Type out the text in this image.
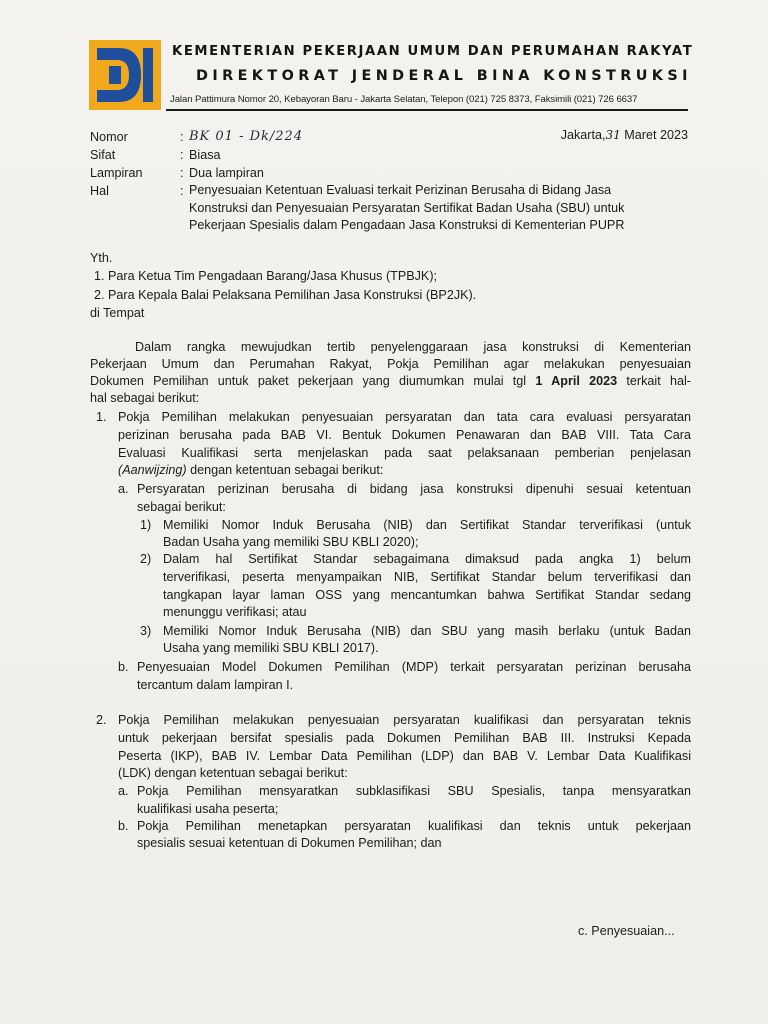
KEMENTERIAN PEKERJAAN UMUM DAN PERUMAHAN RAKYAT
DIREKTORAT JENDERAL BINA KONSTRUKSI
Jalan Pattimura Nomor 20, Kebayoran Baru - Jakarta Selatan, Telepon (021) 725 8373, Faksimili (021) 726 6637
Nomor	: BK 01 - Dk/224
Sifat	: Biasa
Lampiran	: Dua lampiran
Hal	: Penyesuaian Ketentuan Evaluasi terkait Perizinan Berusaha di Bidang Jasa
Konstruksi dan Penyesuaian Persyaratan Sertifikat Badan Usaha (SBU) untuk
Pekerjaan Spesialis dalam Pengadaan Jasa Konstruksi di Kementerian PUPR
Jakarta,31 Maret 2023
Yth.
1. Para Ketua Tim Pengadaan Barang/Jasa Khusus (TPBJK);
2. Para Kepala Balai Pelaksana Pemilihan Jasa Konstruksi (BP2JK).
di Tempat
Dalam rangka mewujudkan tertib penyelenggaraan jasa konstruksi di Kementerian
Pekerjaan Umum dan Perumahan Rakyat, Pokja Pemilihan agar melakukan penyesuaian
Dokumen Pemilihan untuk paket pekerjaan yang diumumkan mulai tgl 1 April 2023 terkait hal-
hal sebagai berikut:
1. Pokja Pemilihan melakukan penyesuaian persyaratan dan tata cara evaluasi persyaratan
perizinan berusaha pada BAB VI. Bentuk Dokumen Penawaran dan BAB VIII. Tata Cara
Evaluasi Kualifikasi serta menjelaskan pada saat pelaksanaan pemberian penjelasan
(Aanwijzing) dengan ketentuan sebagai berikut:
a. Persyaratan perizinan berusaha di bidang jasa konstruksi dipenuhi sesuai ketentuan
sebagai berikut:
1) Memiliki Nomor Induk Berusaha (NIB) dan Sertifikat Standar terverifikasi (untuk
Badan Usaha yang memiliki SBU KBLI 2020);
2) Dalam hal Sertifikat Standar sebagaimana dimaksud pada angka 1) belum
terverifikasi, peserta menyampaikan NIB, Sertifikat Standar belum terverifikasi dan
tangkapan layar laman OSS yang mencantumkan bahwa Sertifikat Standar sedang
menunggu verifikasi; atau
3) Memiliki Nomor Induk Berusaha (NIB) dan SBU yang masih berlaku (untuk Badan
Usaha yang memiliki SBU KBLI 2017).
b. Penyesuaian Model Dokumen Pemilihan (MDP) terkait persyaratan perizinan berusaha
tercantum dalam lampiran I.
2. Pokja Pemilihan melakukan penyesuaian persyaratan kualifikasi dan persyaratan teknis
untuk pekerjaan bersifat spesialis pada Dokumen Pemilihan BAB III. Instruksi Kepada
Peserta (IKP), BAB IV. Lembar Data Pemilihan (LDP) dan BAB V. Lembar Data Kualifikasi
(LDK) dengan ketentuan sebagai berikut:
a. Pokja Pemilihan mensyaratkan subklasifikasi SBU Spesialis, tanpa mensyaratkan
kualifikasi usaha peserta;
b. Pokja Pemilihan menetapkan persyaratan kualifikasi dan teknis untuk pekerjaan
spesialis sesuai ketentuan di Dokumen Pemilihan; dan
c. Penyesuaian...
